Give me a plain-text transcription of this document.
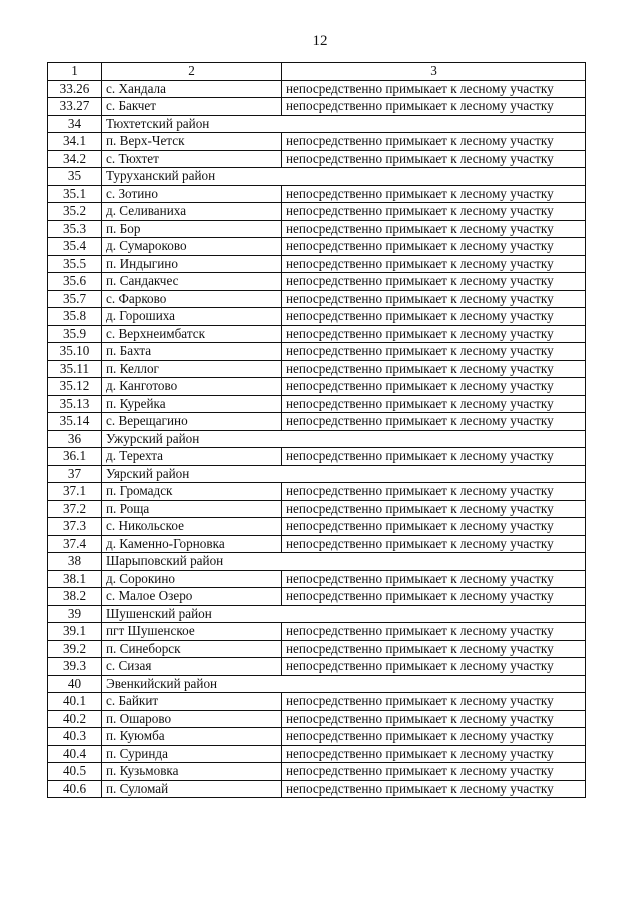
12
1	2	3
33.26	с. Хандала	непосредственно примыкает к лесному участку
33.27	с. Бакчет	непосредственно примыкает к лесному участку
34	Тюхтетский район	
34.1	п. Верх-Четск	непосредственно примыкает к лесному участку
34.2	с. Тюхтет	непосредственно примыкает к лесному участку
35	Туруханский район	
35.1	с. Зотино	непосредственно примыкает к лесному участку
35.2	д. Селиваниха	непосредственно примыкает к лесному участку
35.3	п. Бор	непосредственно примыкает к лесному участку
35.4	д. Сумароково	непосредственно примыкает к лесному участку
35.5	п. Индыгино	непосредственно примыкает к лесному участку
35.6	п. Сандакчес	непосредственно примыкает к лесному участку
35.7	с. Фарково	непосредственно примыкает к лесному участку
35.8	д. Горошиха	непосредственно примыкает к лесному участку
35.9	с. Верхнеимбатск	непосредственно примыкает к лесному участку
35.10	п. Бахта	непосредственно примыкает к лесному участку
35.11	п. Келлог	непосредственно примыкает к лесному участку
35.12	д. Канготово	непосредственно примыкает к лесному участку
35.13	п. Курейка	непосредственно примыкает к лесному участку
35.14	с. Верещагино	непосредственно примыкает к лесному участку
36	Ужурский район	
36.1	д. Терехта	непосредственно примыкает к лесному участку
37	Уярский район	
37.1	п. Громадск	непосредственно примыкает к лесному участку
37.2	п. Роща	непосредственно примыкает к лесному участку
37.3	с. Никольское	непосредственно примыкает к лесному участку
37.4	д. Каменно-Горновка	непосредственно примыкает к лесному участку
38	Шарыповский район	
38.1	д. Сорокино	непосредственно примыкает к лесному участку
38.2	с. Малое Озеро	непосредственно примыкает к лесному участку
39	Шушенский район	
39.1	пгт Шушенское	непосредственно примыкает к лесному участку
39.2	п. Синеборск	непосредственно примыкает к лесному участку
39.3	с. Сизая	непосредственно примыкает к лесному участку
40	Эвенкийский район	
40.1	с. Байкит	непосредственно примыкает к лесному участку
40.2	п. Ошарово	непосредственно примыкает к лесному участку
40.3	п. Куюмба	непосредственно примыкает к лесному участку
40.4	п. Суринда	непосредственно примыкает к лесному участку
40.5	п. Кузьмовка	непосредственно примыкает к лесному участку
40.6	п. Суломай	непосредственно примыкает к лесному участку
